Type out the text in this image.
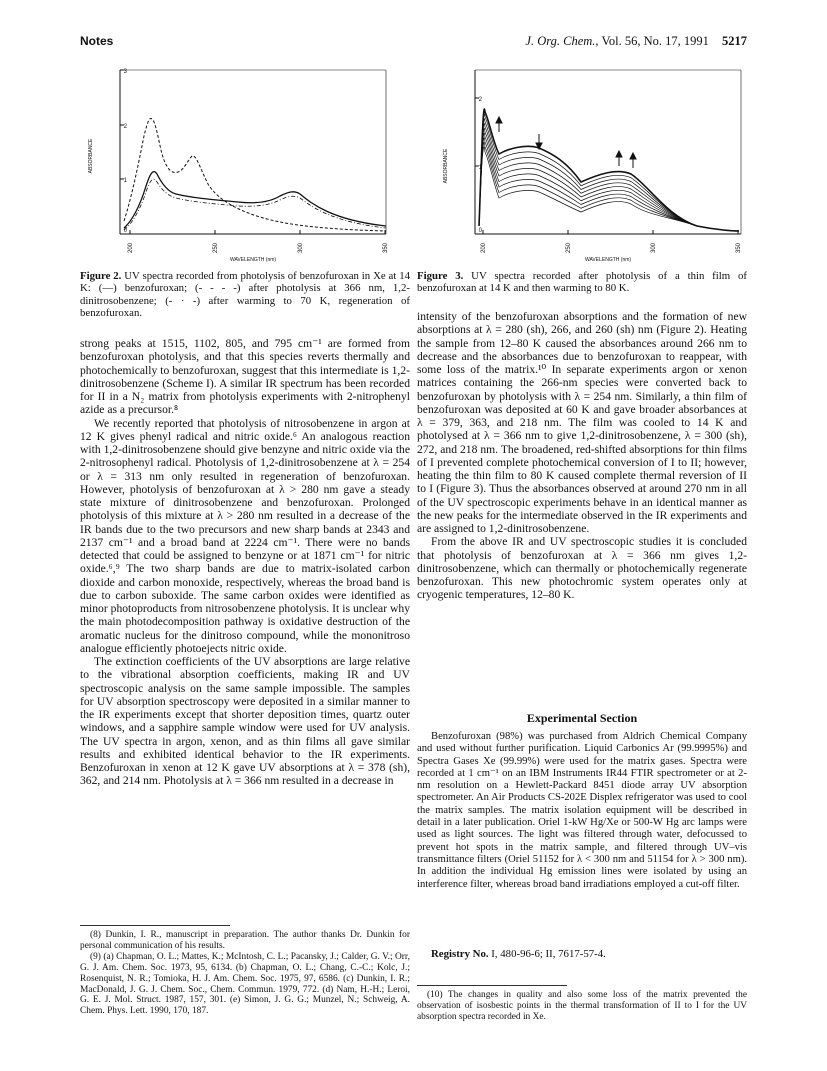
Notes	J. Org. Chem., Vol. 56, No. 17, 1991 5217
3
2
1
0
200	250	300	350
ABSORBANCE
WAVELENGTH (nm)
Figure 2. UV spectra recorded from photolysis of benzofuroxan in Xe at 14 K: (—) benzofuroxan; (- - - -) after photolysis at 366 nm, 1,2-dinitrosobenzene; (- · -) after warming to 70 K, regeneration of benzofuroxan.
2
1
0
200	250	300	350
ABSORBANCE
WAVELENGTH (nm)
Figure 3. UV spectra recorded after photolysis of a thin film of benzofuroxan at 14 K and then warming to 80 K.

strong peaks at 1515, 1102, 805, and 795 cm⁻¹ are formed from benzofuroxan photolysis, and that this species reverts thermally and photochemically to benzofuroxan, suggest that this intermediate is 1,2-dinitrosobenzene (Scheme I). A similar IR spectrum has been recorded for II in a N₂ matrix from photolysis experiments with 2-nitrophenyl azide as a precursor.⁸

We recently reported that photolysis of nitrosobenzene in argon at 12 K gives phenyl radical and nitric oxide.⁶ An analogous reaction with 1,2-dinitrosobenzene should give benzyne and nitric oxide via the 2-nitrosophenyl radical. Photolysis of 1,2-dinitrosobenzene at λ = 254 or λ = 313 nm only resulted in regeneration of benzofuroxan. However, photolysis of benzofuroxan at λ > 280 nm gave a steady state mixture of dinitrosobenzene and benzofuroxan. Prolonged photolysis of this mixture at λ > 280 nm resulted in a decrease of the IR bands due to the two precursors and new sharp bands at 2343 and 2137 cm⁻¹ and a broad band at 2224 cm⁻¹. There were no bands detected that could be assigned to benzyne or at 1871 cm⁻¹ for nitric oxide.⁶,⁹ The two sharp bands are due to matrix-isolated carbon dioxide and carbon monoxide, respectively, whereas the broad band is due to carbon suboxide. The same carbon oxides were identified as minor photoproducts from nitrosobenzene photolysis. It is unclear why the main photodecomposition pathway is oxidative destruction of the aromatic nucleus for the dinitroso compound, while the mononitroso analogue efficiently photoejects nitric oxide.

The extinction coefficients of the UV absorptions are large relative to the vibrational absorption coefficients, making IR and UV spectroscopic analysis on the same sample impossible. The samples for UV absorption spectroscopy were deposited in a similar manner to the IR experiments except that shorter deposition times, quartz outer windows, and a sapphire sample window were used for UV analysis. The UV spectra in argon, xenon, and as thin films all gave similar results and exhibited identical behavior to the IR experiments. Benzofuroxan in xenon at 12 K gave UV absorptions at λ = 378 (sh), 362, and 214 nm. Photolysis at λ = 366 nm resulted in a decrease in

(8) Dunkin, I. R., manuscript in preparation. The author thanks Dr. Dunkin for personal communication of his results.

(9) (a) Chapman, O. L.; Mattes, K.; McIntosh, C. L.; Pacansky, J.; Calder, G. V.; Orr, G. J. Am. Chem. Soc. 1973, 95, 6134. (b) Chapman, O. L.; Chang, C.-C.; Kolc, J.; Rosenquist, N. R.; Tomioka, H. J. Am. Chem. Soc. 1975, 97, 6586. (c) Dunkin, I. R.; MacDonald, J. G. J. Chem. Soc., Chem. Commun. 1979, 772. (d) Nam, H.-H.; Leroi, G. E. J. Mol. Struct. 1987, 157, 301. (e) Simon, J. G. G.; Munzel, N.; Schweig, A. Chem. Phys. Lett. 1990, 170, 187.

intensity of the benzofuroxan absorptions and the formation of new absorptions at λ = 280 (sh), 266, and 260 (sh) nm (Figure 2). Heating the sample from 12–80 K caused the absorbances around 266 nm to decrease and the absorbances due to benzofuroxan to reappear, with some loss of the matrix.¹⁰ In separate experiments argon or xenon matrices containing the 266-nm species were converted back to benzofuroxan by photolysis with λ = 254 nm. Similarly, a thin film of benzofuroxan was deposited at 60 K and gave broader absorbances at λ = 379, 363, and 218 nm. The film was cooled to 14 K and photolysed at λ = 366 nm to give 1,2-dinitrosobenzene, λ = 300 (sh), 272, and 218 nm. The broadened, red-shifted absorptions for thin films of I prevented complete photochemical conversion of I to II; however, heating the thin film to 80 K caused complete thermal reversion of II to I (Figure 3). Thus the absorbances observed at around 270 nm in all of the UV spectroscopic experiments behave in an identical manner as the new peaks for the intermediate observed in the IR experiments and are assigned to 1,2-dinitrosobenzene.

From the above IR and UV spectroscopic studies it is concluded that photolysis of benzofuroxan at λ = 366 nm gives 1,2-dinitrosobenzene, which can thermally or photochemically regenerate benzofuroxan. This new photochromic system operates only at cryogenic temperatures, 12–80 K.

Experimental Section

Benzofuroxan (98%) was purchased from Aldrich Chemical Company and used without further purification. Liquid Carbonics Ar (99.9995%) and Spectra Gases Xe (99.99%) were used for the matrix gases. Spectra were recorded at 1 cm⁻¹ on an IBM Instruments IR44 FTIR spectrometer or at 2-nm resolution on a Hewlett-Packard 8451 diode array UV absorption spectrometer. An Air Products CS-202E Displex refrigerator was used to cool the matrix samples. The matrix isolation equipment will be described in detail in a later publication. Oriel 1-kW Hg/Xe or 500-W Hg arc lamps were used as light sources. The light was filtered through water, defocussed to prevent hot spots in the matrix sample, and filtered through UV–vis transmittance filters (Oriel 51152 for λ < 300 nm and 51154 for λ > 300 nm). In addition the individual Hg emission lines were isolated by using an interference filter, whereas broad band irradiations employed a cut-off filter.

Registry No. I, 480-96-6; II, 7617-57-4.

(10) The changes in quality and also some loss of the matrix prevented the observation of isosbestic points in the thermal transformation of II to I for the UV absorption spectra recorded in Xe.
